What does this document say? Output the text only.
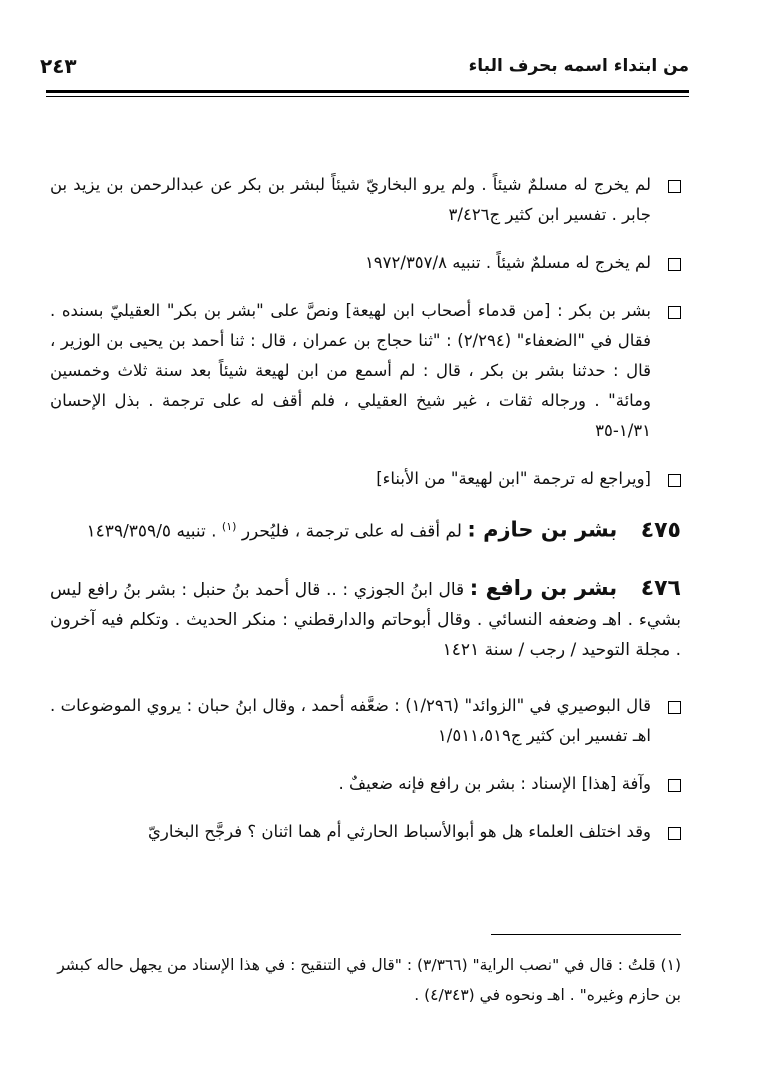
من ابتداء اسمه بحرف الباء
٢٤٣
لم يخرج له مسلمٌ شيئاً . ولم يرو البخاريّ شيئاً لبشر بن بكر عن عبدالرحمن بن يزيد بن جابر . تفسير ابن كثير ج٣/٤٢٦
لم يخرج له مسلمٌ شيئاً . تنبيه ١٩٧٢/٣٥٧/٨
بشر بن بكر : [من قدماء أصحاب ابن لهيعة] ونصَّ على "بشر بن بكر" العقيليّ بسنده . فقال في "الضعفاء" (٢/٢٩٤) : "ثنا حجاج بن عمران ، قال : ثنا أحمد بن يحيى بن الوزير ، قال : حدثنا بشر بن بكر ، قال : لم أسمع من ابن لهيعة شيئاً بعد سنة ثلاث وخمسين ومائة" . ورجاله ثقات ، غير شيخ العقيلي ، فلم أقف له على ترجمة . بذل الإحسان ١/٣١-٣٥
[ويراجع له ترجمة "ابن لهيعة" من الأبناء]
٤٧٥ بشر بن حازم : لم أقف له على ترجمة ، فليُحرر $^{(١)}$ . تنبيه ١٤٣٩/٣٥٩/٥
٤٧٦ بشر بن رافع : قال ابنُ الجوزي : .. قال أحمد بنُ حنبل : بشر بنُ رافع ليس بشيء . اهـ وضعفه النسائي . وقال أبوحاتم والدارقطني : منكر الحديث . وتكلم فيه آخرون . مجلة التوحيد / رجب / سنة ١٤٢١
قال البوصيري في "الزوائد" (١/٢٩٦) : ضعَّفه أحمد ، وقال ابنُ حبان : يروي الموضوعات . اهـ تفسير ابن كثير ج١/٥١١،٥١٩
وآفة [هذا] الإسناد : بشر بن رافع فإنه ضعيفٌ .
وقد اختلف العلماء هل هو أبوالأسباط الحارثي أم هما اثنان ؟ فرجَّح البخاريّ
(١) قلتُ : قال في "نصب الراية" (٣/٣٦٦) : "قال في التنقيح : في هذا الإسناد من يجهل حاله كبشر بن حازم وغيره" . اهـ ونحوه في (٤/٣٤٣) .
